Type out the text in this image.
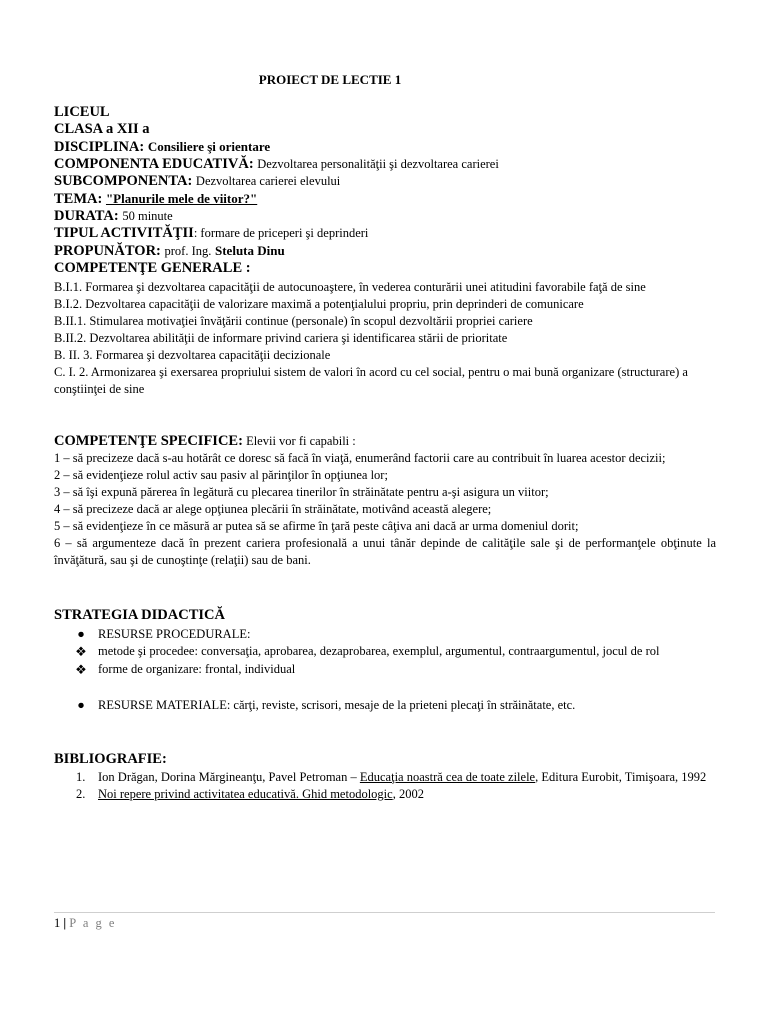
PROIECT DE LECTIE 1
LICEUL
CLASA a XII a
DISCIPLINA: Consiliere şi orientare
COMPONENTA EDUCATIVĂ: Dezvoltarea personalităţii şi dezvoltarea carierei
SUBCOMPONENTA: Dezvoltarea carierei elevului
TEMA: "Planurile mele de viitor?"
DURATA: 50 minute
TIPUL ACTIVITĂŢII: formare de priceperi şi deprinderi
PROPUNĂTOR: prof. Ing. Steluta Dinu
COMPETENŢE GENERALE :
B.I.1. Formarea şi dezvoltarea capacităţii de autocunoaştere, în vederea conturării unei atitudini favorabile faţă de sine
B.I.2. Dezvoltarea capacităţii de valorizare maximă a potenţialului propriu, prin deprinderi de comunicare
B.II.1. Stimularea motivaţiei învăţării continue (personale) în scopul dezvoltării propriei cariere
B.II.2. Dezvoltarea abilităţii de informare privind cariera şi identificarea stării de prioritate
B. II. 3. Formarea şi dezvoltarea capacităţii decizionale
C. I. 2. Armonizarea şi exersarea propriului sistem de valori în acord cu cel social, pentru o mai bună organizare (structurare) a conştiinţei de sine
COMPETENŢE SPECIFICE: Elevii vor fi capabili :
1 – să precizeze dacă s-au hotărât ce doresc să facă în viaţă, enumerând factorii care au contribuit în luarea acestor decizii;
2 – să evidenţieze rolul activ sau pasiv al părinţilor în opţiunea lor;
3 – să îşi expună părerea în legătură cu plecarea tinerilor în străinătate pentru a-şi asigura un viitor;
4 – să precizeze dacă ar alege opţiunea plecării în străinătate, motivând această alegere;
5 – să evidenţieze în ce măsură ar putea să se afirme în ţară peste câţiva ani dacă ar urma domeniul dorit;
6 – să argumenteze dacă în prezent cariera profesională a unui tânăr depinde de calităţile sale şi de performanţele obţinute la învăţătură, sau şi de cunoştinţe (relaţii) sau de bani.
STRATEGIA DIDACTICĂ
● RESURSE PROCEDURALE:
❖ metode şi procedee: conversaţia, aprobarea, dezaprobarea, exemplul, argumentul, contraargumentul, jocul de rol
❖ forme de organizare: frontal, individual
● RESURSE MATERIALE: cărţi, reviste, scrisori, mesaje de la prieteni plecaţi în străinătate, etc.
BIBLIOGRAFIE:
1. Ion Drăgan, Dorina Mărgineanţu, Pavel Petroman – Educaţia noastră cea de toate zilele, Editura Eurobit, Timişoara, 1992
2. Noi repere privind activitatea educativă. Ghid metodologic, 2002
1 | P a g e
